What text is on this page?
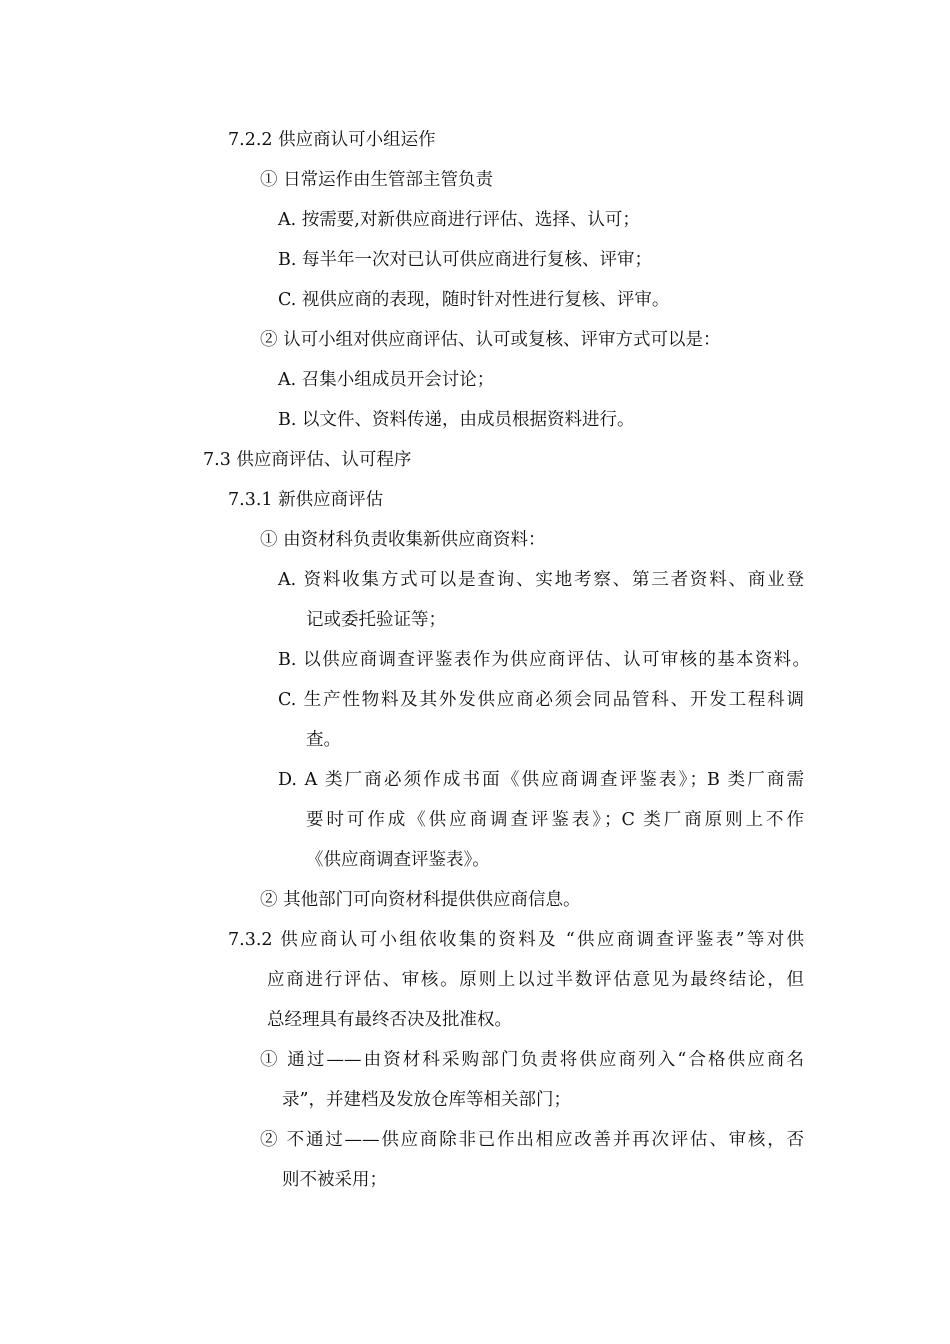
7.2.2 供应商认可小组运作
① 日常运作由生管部主管负责
A. 按需要,对新供应商进行评估、选择、认可；
B. 每半年一次对已认可供应商进行复核、评审；
C. 视供应商的表现，随时针对性进行复核、评审。
② 认可小组对供应商评估、认可或复核、评审方式可以是：
A. 召集小组成员开会讨论；
B. 以文件、资料传递，由成员根据资料进行。
7.3 供应商评估、认可程序
7.3.1 新供应商评估
① 由资材科负责收集新供应商资料：
A. 资料收集方式可以是查询、实地考察、第三者资料、商业登
记或委托验证等；
B. 以供应商调查评鉴表作为供应商评估、认可审核的基本资料。
C. 生产性物料及其外发供应商必须会同品管科、开发工程科调
查。
D. A 类厂商必须作成书面《供应商调查评鉴表》；B 类厂商需
要时可作成《供应商调查评鉴表》；C 类厂商原则上不作
《供应商调查评鉴表》。
② 其他部门可向资材科提供供应商信息。
7.3.2 供应商认可小组依收集的资料及 “供应商调查评鉴表”等对供
应商进行评估、审核。原则上以过半数评估意见为最终结论，但
总经理具有最终否决及批准权。
① 通过——由资材科采购部门负责将供应商列入“合格供应商名
录”，并建档及发放仓库等相关部门；
② 不通过——供应商除非已作出相应改善并再次评估、审核，否
则不被采用；
